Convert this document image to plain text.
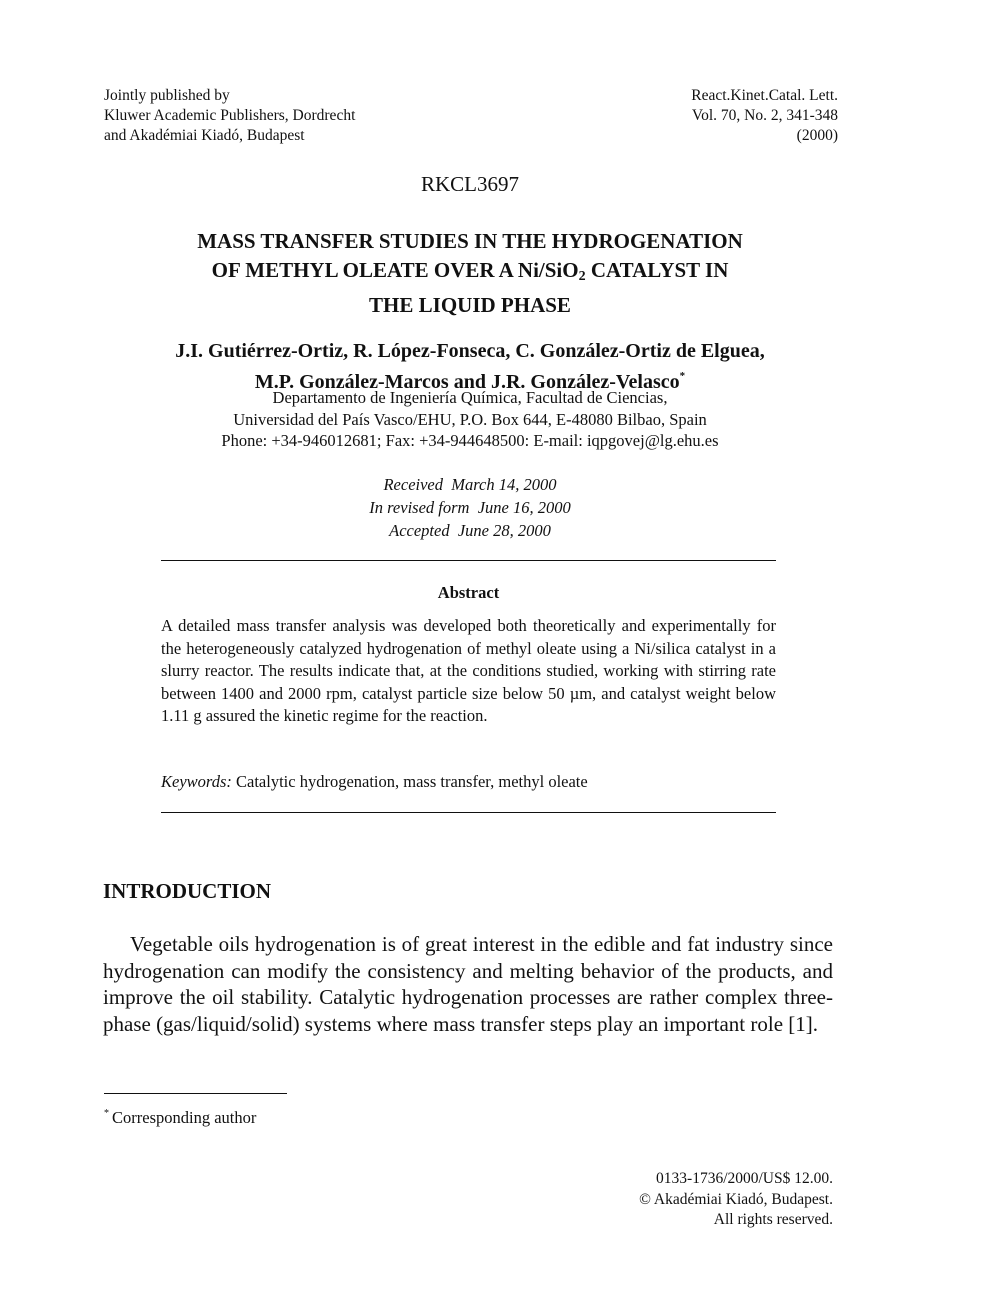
Jointly published by
Kluwer Academic Publishers, Dordrecht
and Akadémiai Kiadó, Budapest
React.Kinet.Catal. Lett.
Vol. 70, No. 2, 341-348
(2000)
RKCL3697
MASS TRANSFER STUDIES IN THE HYDROGENATION
OF METHYL OLEATE OVER A Ni/SiO2 CATALYST IN
THE LIQUID PHASE
J.I. Gutiérrez-Ortiz, R. López-Fonseca, C. González-Ortiz de Elguea,
M.P. González-Marcos and J.R. González-Velasco*
Departamento de Ingeniería Química, Facultad de Ciencias,
Universidad del País Vasco/EHU, P.O. Box 644, E-48080 Bilbao, Spain
Phone: +34-946012681; Fax: +34-944648500: E-mail: iqpgovej@lg.ehu.es
Received  March 14, 2000
In revised form  June 16, 2000
Accepted  June 28, 2000
Abstract
A detailed mass transfer analysis was developed both theoretically and experimentally for the heterogeneously catalyzed hydrogenation of methyl oleate using a Ni/silica catalyst in a slurry reactor. The results indicate that, at the conditions studied, working with stirring rate between 1400 and 2000 rpm, catalyst particle size below 50 µm, and catalyst weight below 1.11 g assured the kinetic regime for the reaction.
Keywords: Catalytic hydrogenation, mass transfer, methyl oleate
INTRODUCTION
Vegetable oils hydrogenation is of great interest in the edible and fat industry since hydrogenation can modify the consistency and melting behavior of the products, and improve the oil stability. Catalytic hydrogenation processes are rather complex three-phase (gas/liquid/solid) systems where mass transfer steps play an important role [1].
* Corresponding author
0133-1736/2000/US$ 12.00.
© Akadémiai Kiadó, Budapest.
All rights reserved.
